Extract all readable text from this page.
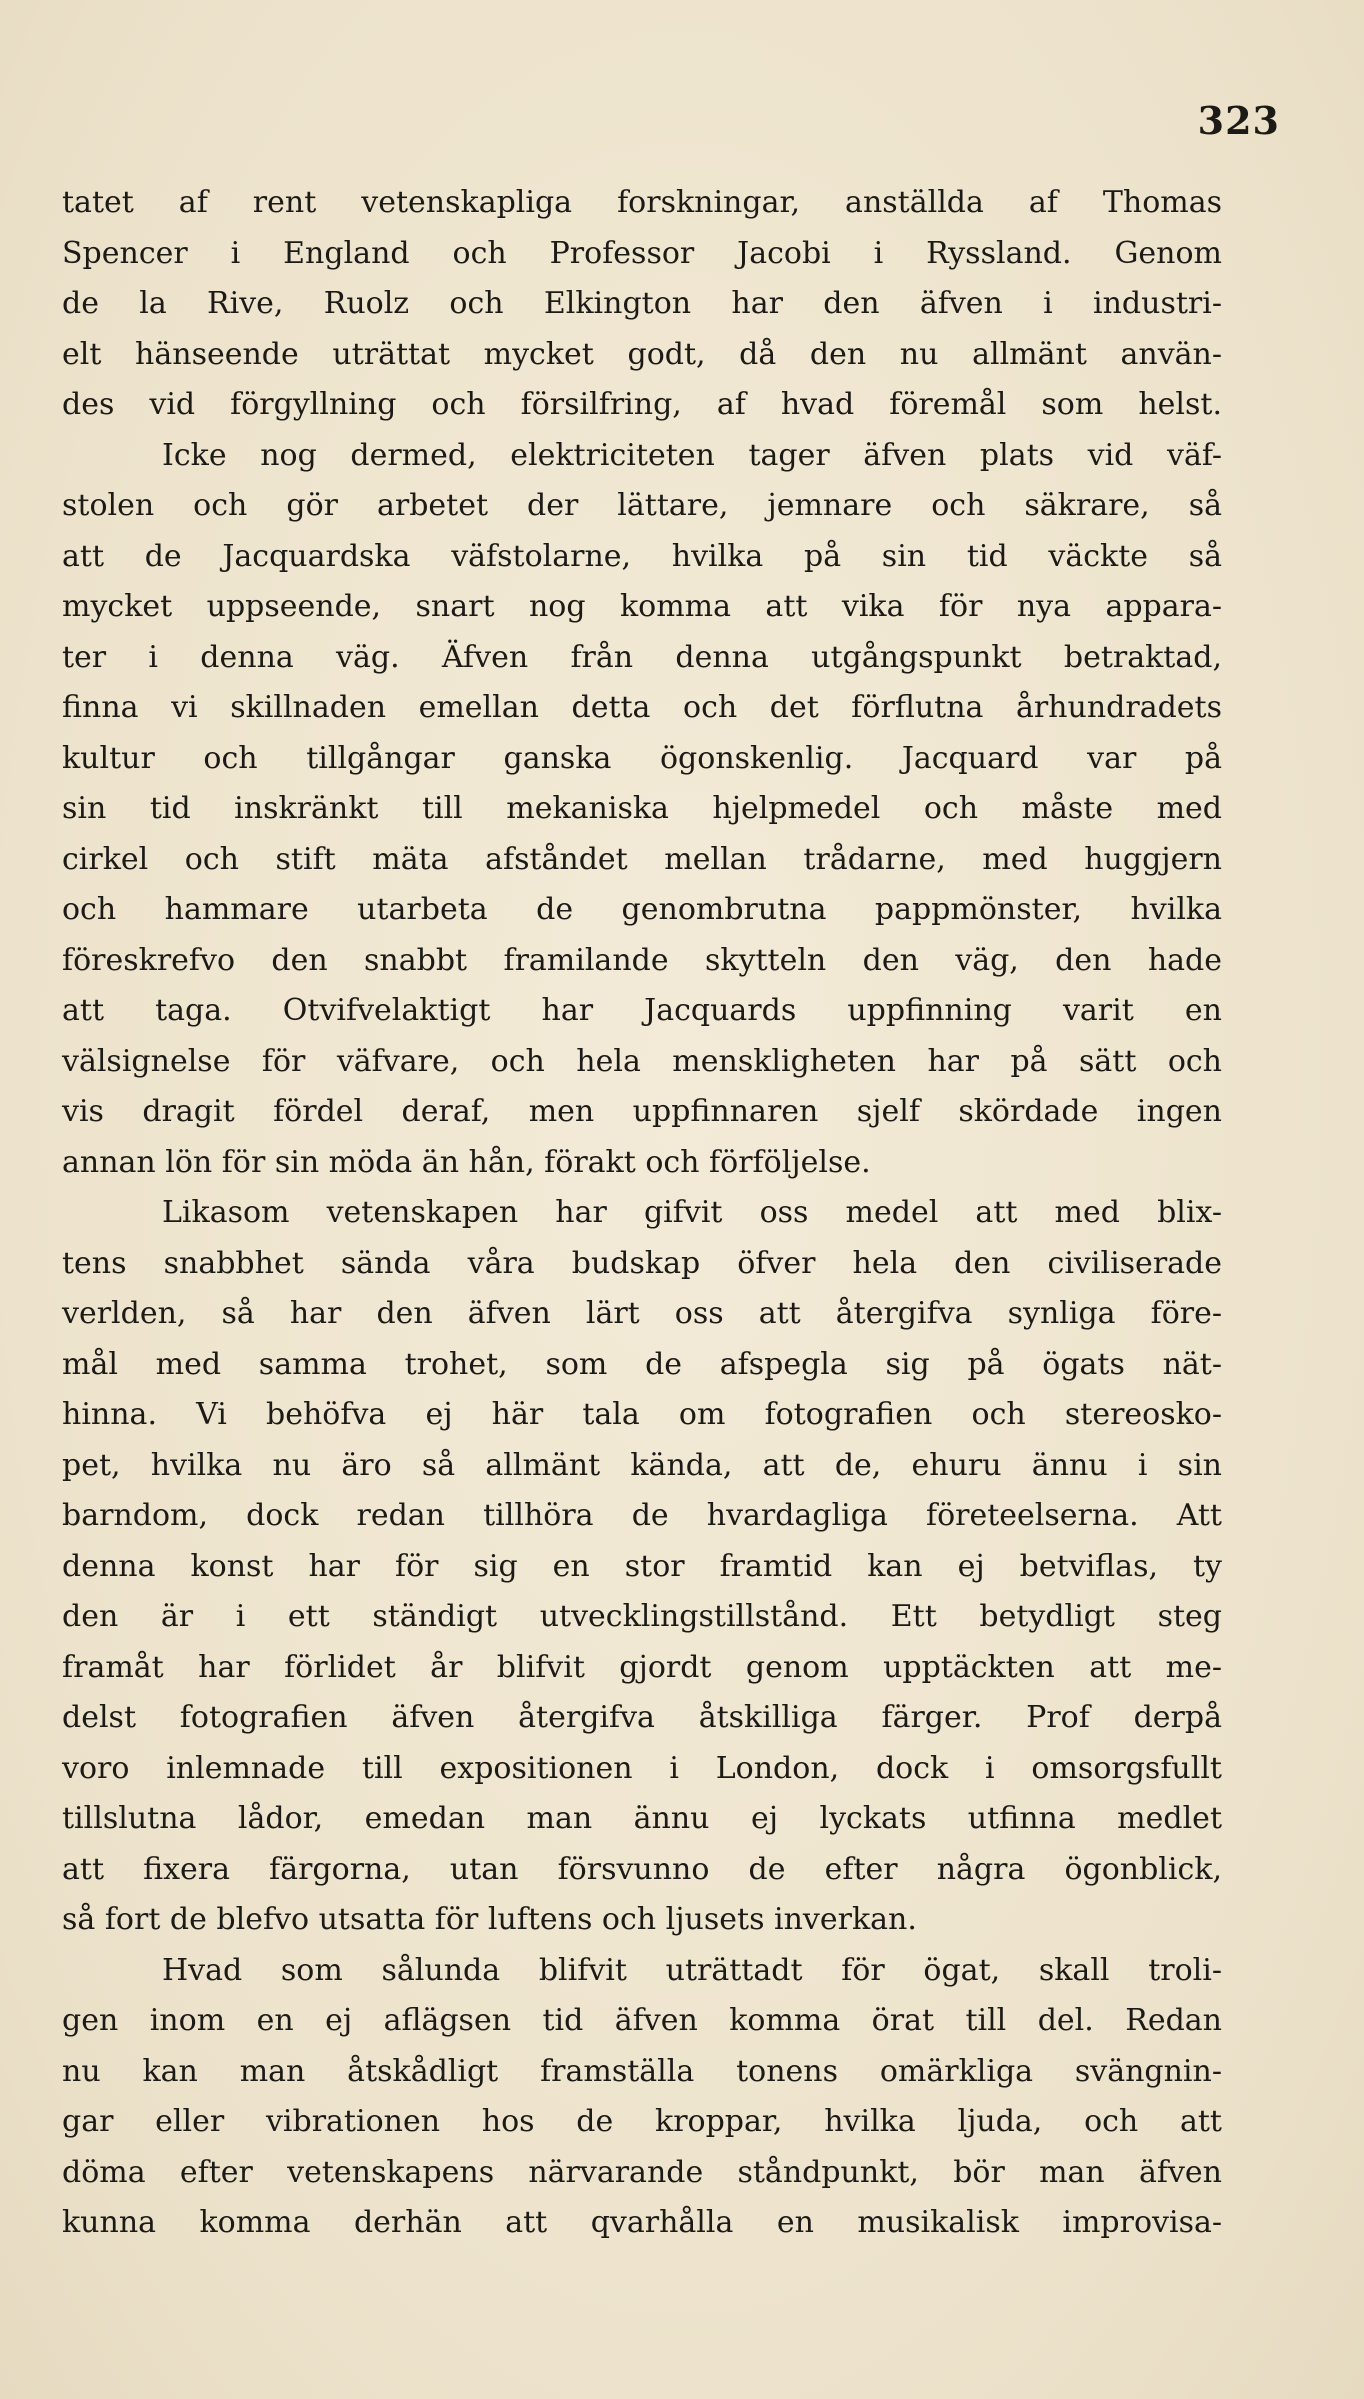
323
tatet af rent vetenskapliga forskningar, anställda af Thomas
Spencer i England och Professor Jacobi i Ryssland. Genom
de la Rive, Ruolz och Elkington har den äfven i industri-
elt hänseende uträttat mycket godt, då den nu allmänt använ-
des vid förgyllning och försilfring, af hvad föremål som helst.
Icke nog dermed, elektriciteten tager äfven plats vid väf-
stolen och gör arbetet der lättare, jemnare och säkrare, så
att de Jacquardska väfstolarne, hvilka på sin tid väckte så
mycket uppseende, snart nog komma att vika för nya appara-
ter i denna väg. Äfven från denna utgångspunkt betraktad,
finna vi skillnaden emellan detta och det förflutna århundradets
kultur och tillgångar ganska ögonskenlig. Jacquard var på
sin tid inskränkt till mekaniska hjelpmedel och måste med
cirkel och stift mäta afståndet mellan trådarne, med huggjern
och hammare utarbeta de genombrutna pappmönster, hvilka
föreskrefvo den snabbt framilande skytteln den väg, den hade
att taga. Otvifvelaktigt har Jacquards uppfinning varit en
välsignelse för väfvare, och hela menskligheten har på sätt och
vis dragit fördel deraf, men uppfinnaren sjelf skördade ingen
annan lön för sin möda än hån, förakt och förföljelse.
Likasom vetenskapen har gifvit oss medel att med blix-
tens snabbhet sända våra budskap öfver hela den civiliserade
verlden, så har den äfven lärt oss att återgifva synliga före-
mål med samma trohet, som de afspegla sig på ögats nät-
hinna. Vi behöfva ej här tala om fotografien och stereosko-
pet, hvilka nu äro så allmänt kända, att de, ehuru ännu i sin
barndom, dock redan tillhöra de hvardagliga företeelserna. Att
denna konst har för sig en stor framtid kan ej betviflas, ty
den är i ett ständigt utvecklingstillstånd. Ett betydligt steg
framåt har förlidet år blifvit gjordt genom upptäckten att me-
delst fotografien äfven återgifva åtskilliga färger. Prof derpå
voro inlemnade till expositionen i London, dock i omsorgsfullt
tillslutna lådor, emedan man ännu ej lyckats utfinna medlet
att fixera färgorna, utan försvunno de efter några ögonblick,
så fort de blefvo utsatta för luftens och ljusets inverkan.
Hvad som sålunda blifvit uträttadt för ögat, skall troli-
gen inom en ej aflägsen tid äfven komma örat till del. Redan
nu kan man åtskådligt framställa tonens omärkliga svängnin-
gar eller vibrationen hos de kroppar, hvilka ljuda, och att
döma efter vetenskapens närvarande ståndpunkt, bör man äfven
kunna komma derhän att qvarhålla en musikalisk improvisa-
